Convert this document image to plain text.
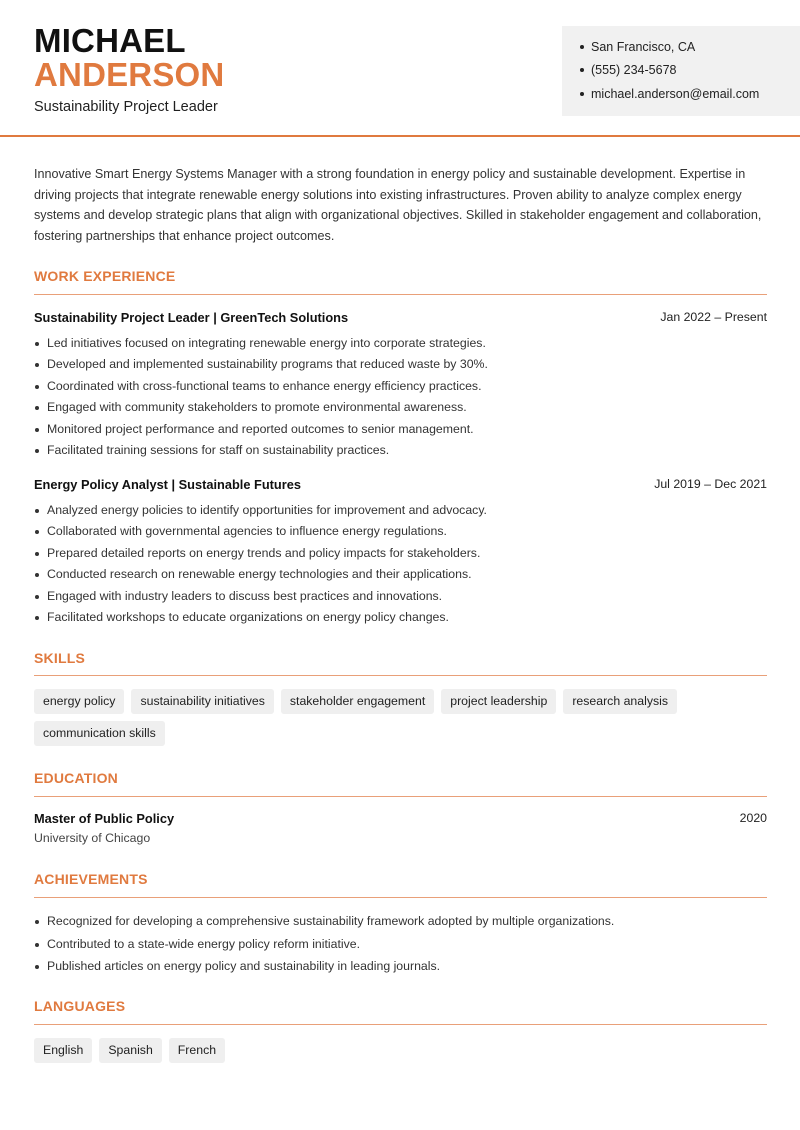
MICHAEL
ANDERSON
Sustainability Project Leader
San Francisco, CA
(555) 234-5678
michael.anderson@email.com
Innovative Smart Energy Systems Manager with a strong foundation in energy policy and sustainable development. Expertise in driving projects that integrate renewable energy solutions into existing infrastructures. Proven ability to analyze complex energy systems and develop strategic plans that align with organizational objectives. Skilled in stakeholder engagement and collaboration, fostering partnerships that enhance project outcomes.
WORK EXPERIENCE
Sustainability Project Leader | GreenTech Solutions	Jan 2022 – Present
Led initiatives focused on integrating renewable energy into corporate strategies.
Developed and implemented sustainability programs that reduced waste by 30%.
Coordinated with cross-functional teams to enhance energy efficiency practices.
Engaged with community stakeholders to promote environmental awareness.
Monitored project performance and reported outcomes to senior management.
Facilitated training sessions for staff on sustainability practices.
Energy Policy Analyst | Sustainable Futures	Jul 2019 – Dec 2021
Analyzed energy policies to identify opportunities for improvement and advocacy.
Collaborated with governmental agencies to influence energy regulations.
Prepared detailed reports on energy trends and policy impacts for stakeholders.
Conducted research on renewable energy technologies and their applications.
Engaged with industry leaders to discuss best practices and innovations.
Facilitated workshops to educate organizations on energy policy changes.
SKILLS
energy policy	sustainability initiatives	stakeholder engagement	project leadership	research analysis
communication skills
EDUCATION
Master of Public Policy	2020
University of Chicago
ACHIEVEMENTS
Recognized for developing a comprehensive sustainability framework adopted by multiple organizations.
Contributed to a state-wide energy policy reform initiative.
Published articles on energy policy and sustainability in leading journals.
LANGUAGES
English	Spanish	French
